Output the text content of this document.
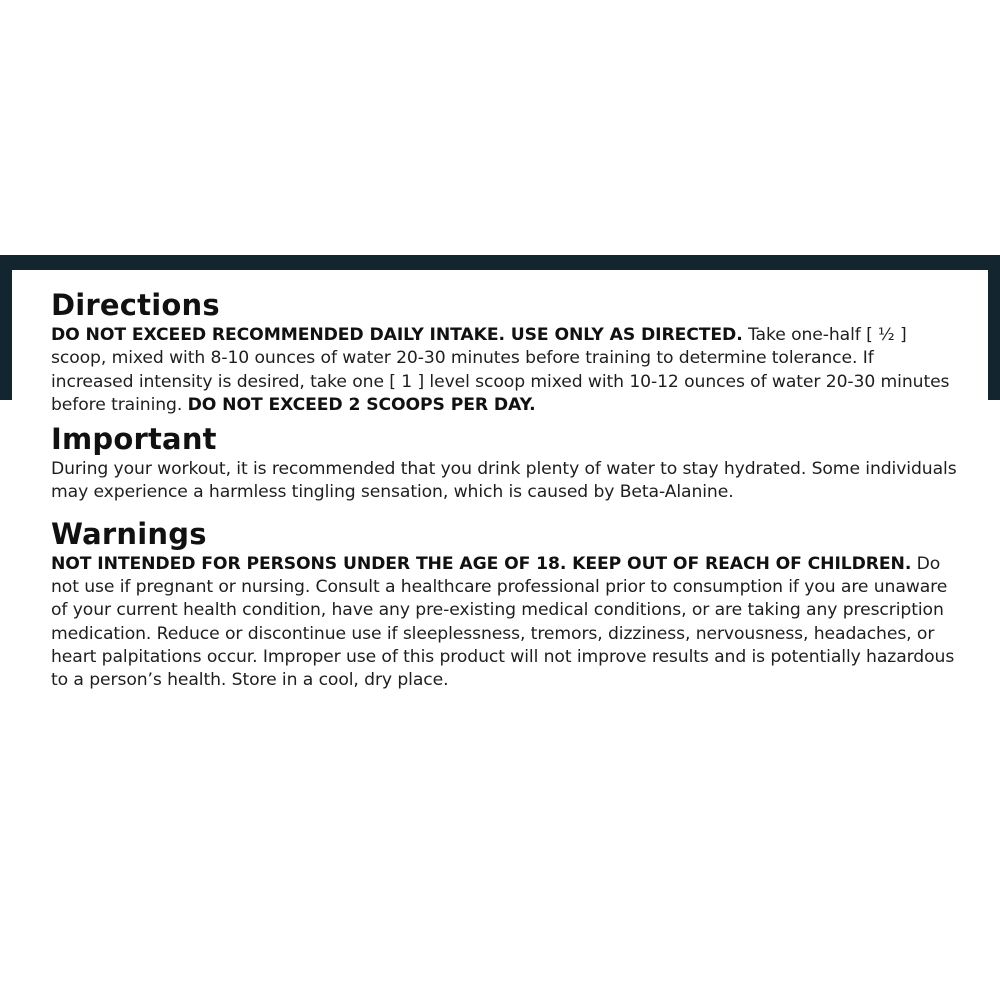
Directions

DO NOT EXCEED RECOMMENDED DAILY INTAKE. USE ONLY AS DIRECTED. Take one-half [ ½ ] scoop, mixed with 8-10 ounces of water 20-30 minutes before training to determine tolerance. If increased intensity is desired, take one [ 1 ] level scoop mixed with 10-12 ounces of water 20-30 minutes before training. DO NOT EXCEED 2 SCOOPS PER DAY.

Important

During your workout, it is recommended that you drink plenty of water to stay hydrated. Some individuals may experience a harmless tingling sensation, which is caused by Beta-Alanine.

Warnings

NOT INTENDED FOR PERSONS UNDER THE AGE OF 18. KEEP OUT OF REACH OF CHILDREN. Do not use if pregnant or nursing. Consult a healthcare professional prior to consumption if you are unaware of your current health condition, have any pre-existing medical conditions, or are taking any prescription medication. Reduce or discontinue use if sleeplessness, tremors, dizziness, nervousness, headaches, or heart palpitations occur. Improper use of this product will not improve results and is potentially hazardous to a person’s health. Store in a cool, dry place.
